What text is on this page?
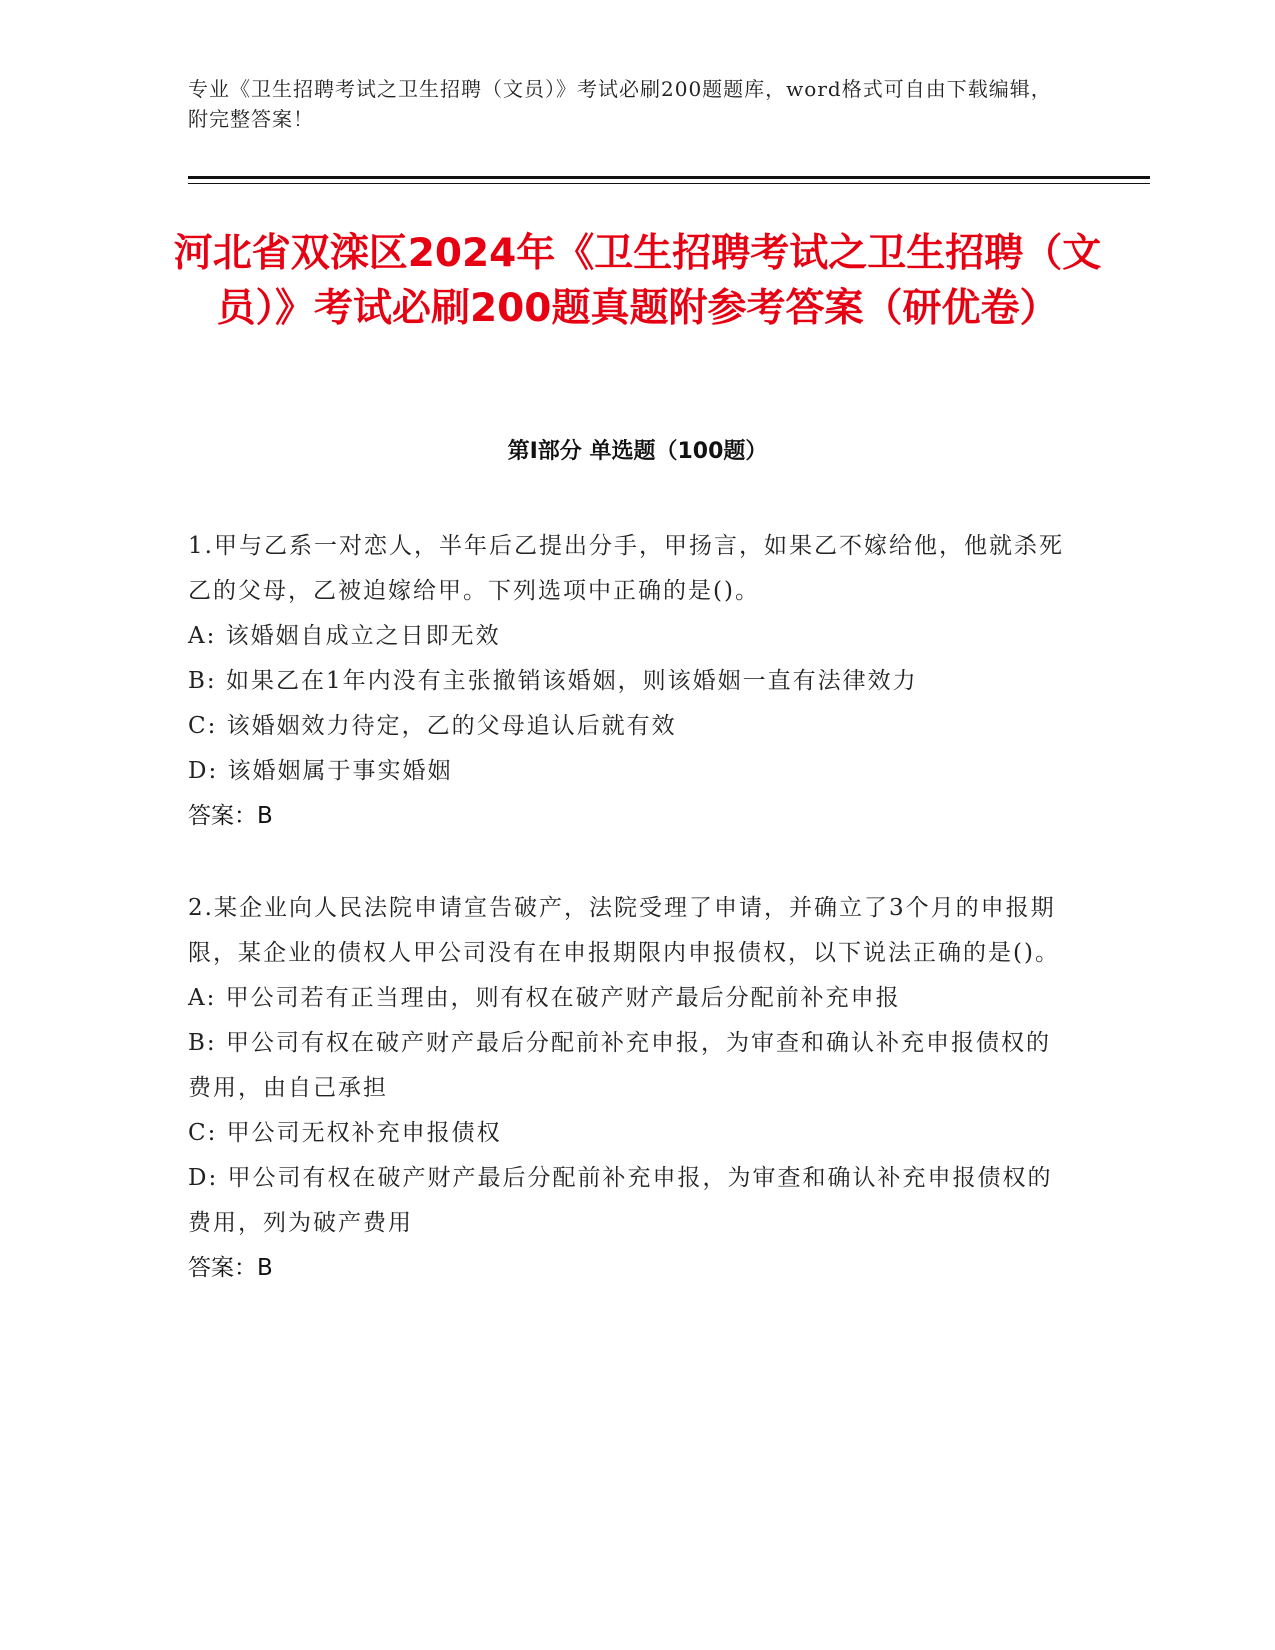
专业《卫生招聘考试之卫生招聘（文员）》考试必刷200题题库，word格式可自由下载编辑，附完整答案！
河北省双滦区2024年《卫生招聘考试之卫生招聘（文员）》考试必刷200题真题附参考答案（研优卷）
第I部分 单选题（100题）

1.甲与乙系一对恋人，半年后乙提出分手，甲扬言，如果乙不嫁给他，他就杀死乙的父母，乙被迫嫁给甲。下列选项中正确的是()。

A: 该婚姻自成立之日即无效

B: 如果乙在1年内没有主张撤销该婚姻，则该婚姻一直有法律效力

C: 该婚姻效力待定，乙的父母追认后就有效

D: 该婚姻属于事实婚姻

答案：B

2.某企业向人民法院申请宣告破产，法院受理了申请，并确立了3个月的申报期限，某企业的债权人甲公司没有在申报期限内申报债权，以下说法正确的是()。

A: 甲公司若有正当理由，则有权在破产财产最后分配前补充申报

B: 甲公司有权在破产财产最后分配前补充申报，为审查和确认补充申报债权的费用，由自己承担

C: 甲公司无权补充申报债权

D: 甲公司有权在破产财产最后分配前补充申报，为审查和确认补充申报债权的费用，列为破产费用

答案：B
